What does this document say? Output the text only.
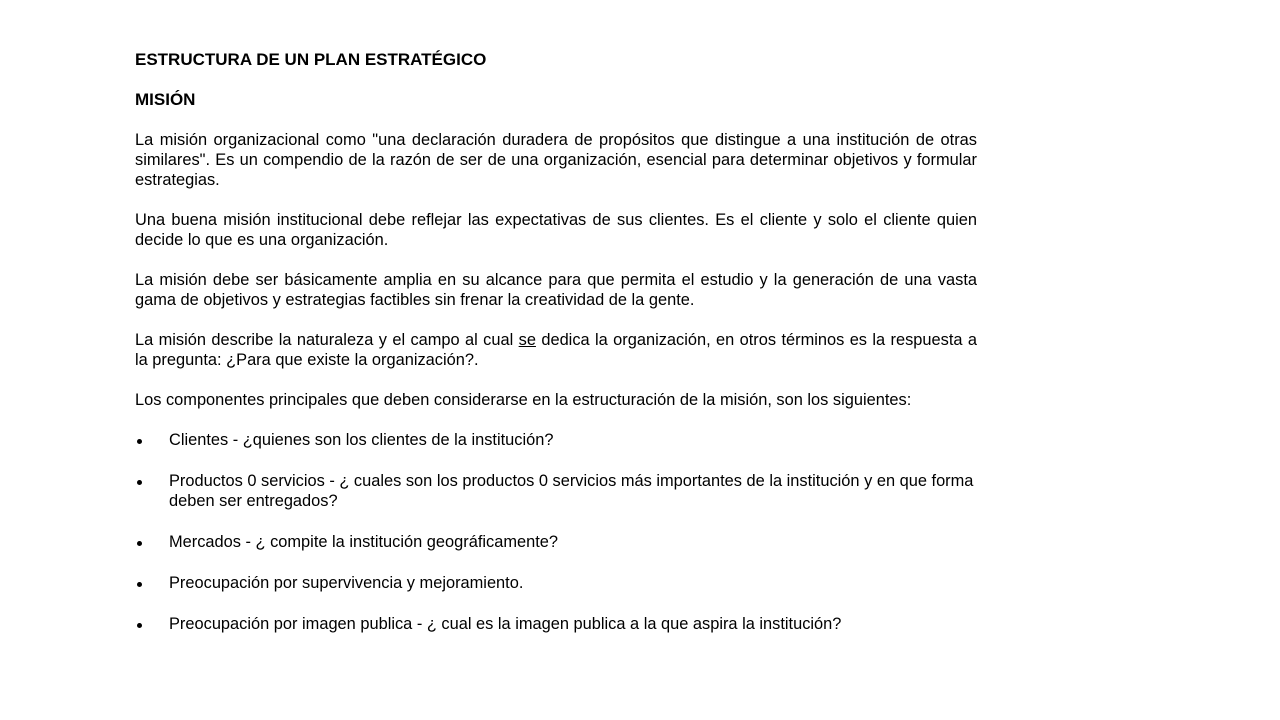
ESTRUCTURA DE UN PLAN ESTRATÉGICO
MISIÓN

La misión organizacional como "una declaración duradera de propósitos que distingue a una institución de otras similares". Es un compendio de la razón de ser de una organización, esencial para determinar objetivos y formular estrategias.

Una buena misión institucional debe reflejar las expectativas de sus clientes. Es el cliente y solo el cliente quien decide lo que es una organización.

La misión debe ser básicamente amplia en su alcance para que permita el estudio y la generación de una vasta gama de objetivos y estrategias factibles sin frenar la creatividad de la gente.

La misión describe la naturaleza y el campo al cual se dedica la organización, en otros términos es la respuesta a la pregunta: ¿Para que existe la organización?.

Los componentes principales que deben considerarse en la estructuración de la misión, son los siguientes:

Clientes - ¿quienes son los clientes de la institución?
Productos 0 servicios - ¿ cuales son los productos 0 servicios más importantes de la institución y en que forma deben ser entregados?
Mercados - ¿ compite la institución geográficamente?
Preocupación por supervivencia y mejoramiento.
Preocupación por imagen publica - ¿ cual es la imagen publica a la que aspira la institución?
